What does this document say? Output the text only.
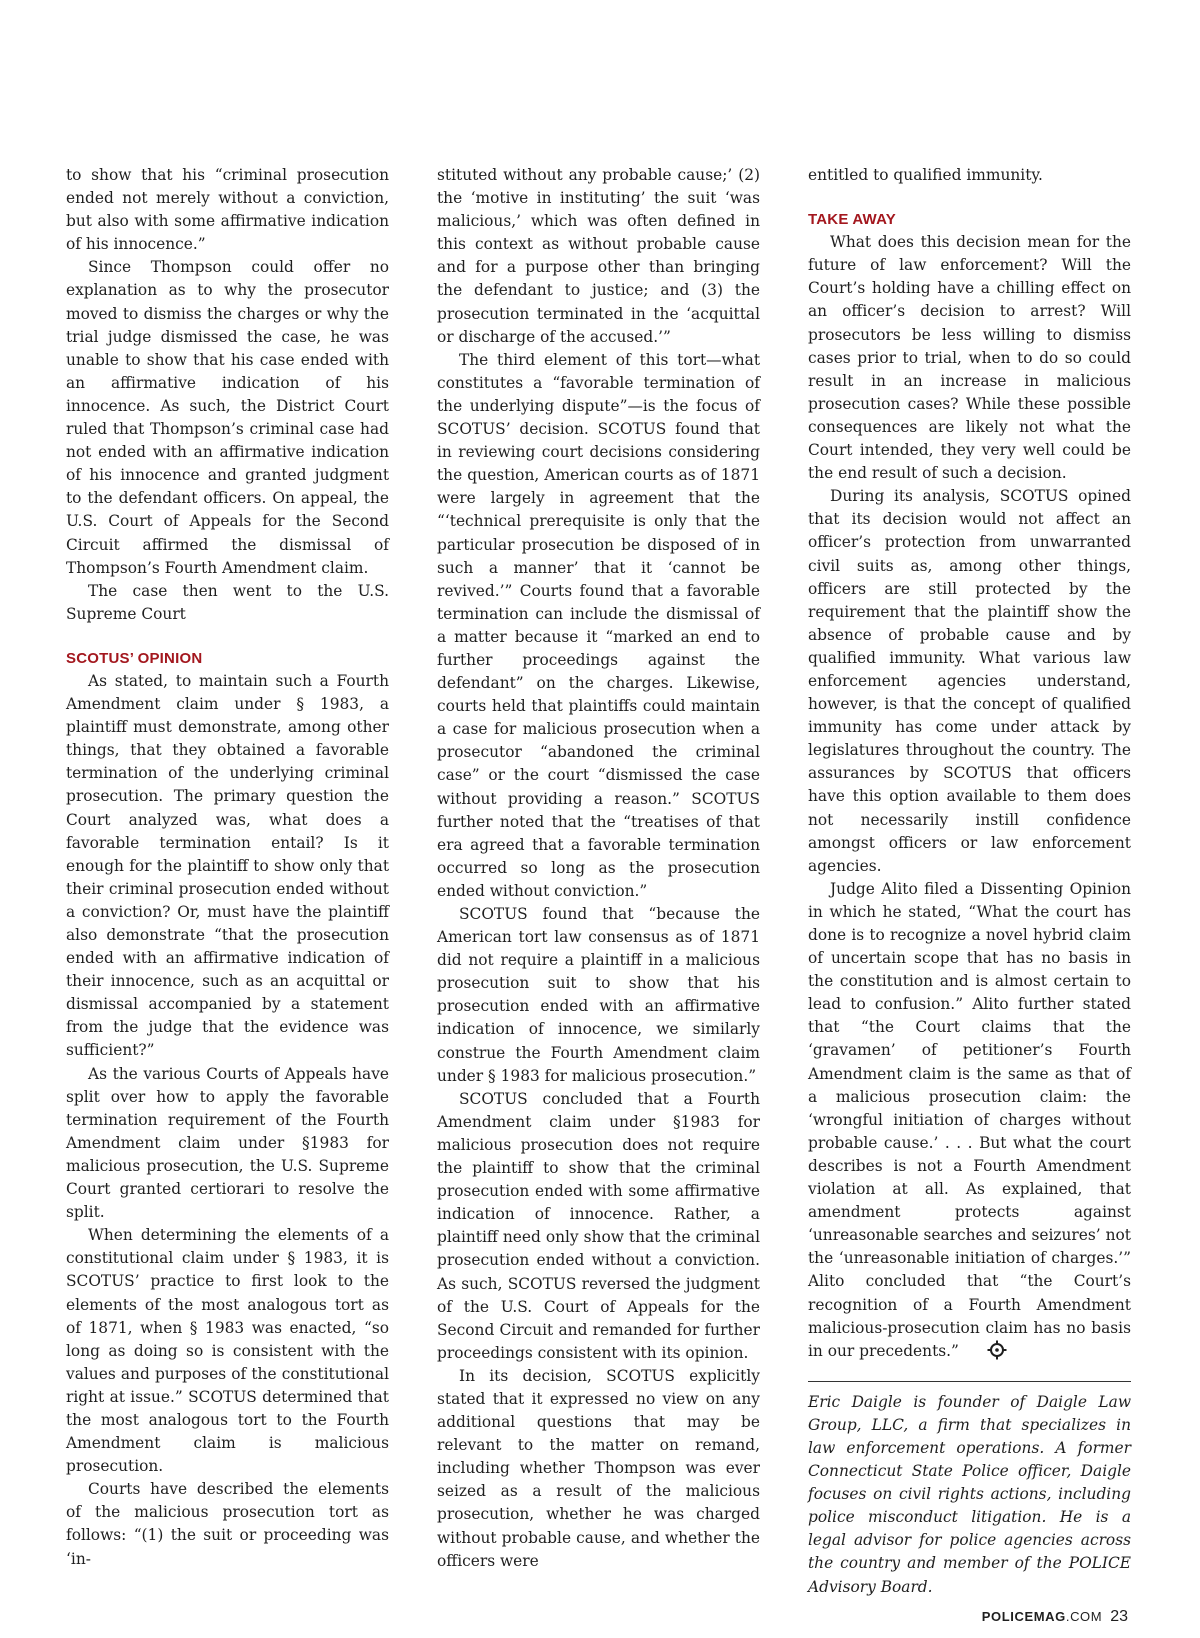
to show that his “criminal prosecution ended not merely without a conviction, but also with some affirmative indication of his innocence.”

Since Thompson could offer no explanation as to why the prosecutor moved to dismiss the charges or why the trial judge dismissed the case, he was unable to show that his case ended with an affirmative indication of his innocence. As such, the District Court ruled that Thompson’s criminal case had not ended with an affirmative indication of his innocence and granted judgment to the defendant officers. On appeal, the U.S. Court of Appeals for the Second Circuit affirmed the dismissal of Thompson’s Fourth Amendment claim.

The case then went to the U.S. Supreme Court

SCOTUS’ OPINION

As stated, to maintain such a Fourth Amendment claim under § 1983, a plaintiff must demonstrate, among other things, that they obtained a favorable termination of the underlying criminal prosecution. The primary question the Court analyzed was, what does a favorable termination entail? Is it enough for the plaintiff to show only that their criminal prosecution ended without a conviction? Or, must have the plaintiff also demonstrate “that the prosecution ended with an affirmative indication of their innocence, such as an acquittal or dismissal accompanied by a statement from the judge that the evidence was sufficient?”

As the various Courts of Appeals have split over how to apply the favorable termination requirement of the Fourth Amendment claim under §1983 for malicious prosecution, the U.S. Supreme Court granted certiorari to resolve the split.

When determining the elements of a constitutional claim under § 1983, it is SCOTUS’ practice to first look to the elements of the most analogous tort as of 1871, when § 1983 was enacted, “so long as doing so is consistent with the values and purposes of the constitutional right at issue.” SCOTUS determined that the most analogous tort to the Fourth Amendment claim is malicious prosecution.

Courts have described the elements of the malicious prosecution tort as follows: “(1) the suit or proceeding was ‘in-

stituted without any probable cause;’ (2) the ‘motive in instituting’ the suit ‘was malicious,’ which was often defined in this context as without probable cause and for a purpose other than bringing the defendant to justice; and (3) the prosecution terminated in the ‘acquittal or discharge of the accused.’”

The third element of this tort—what constitutes a “favorable termination of the underlying dispute”—is the focus of SCOTUS’ decision. SCOTUS found that in reviewing court decisions considering the question, American courts as of 1871 were largely in agreement that the “‘technical prerequisite is only that the particular prosecution be disposed of in such a manner’ that it ‘cannot be revived.’” Courts found that a favorable termination can include the dismissal of a matter because it “marked an end to further proceedings against the defendant” on the charges. Likewise, courts held that plaintiffs could maintain a case for malicious prosecution when a prosecutor “abandoned the criminal case” or the court “dismissed the case without providing a reason.” SCOTUS further noted that the “treatises of that era agreed that a favorable termination occurred so long as the prosecution ended without conviction.”

SCOTUS found that “because the American tort law consensus as of 1871 did not require a plaintiff in a malicious prosecution suit to show that his prosecution ended with an affirmative indication of innocence, we similarly construe the Fourth Amendment claim under § 1983 for malicious prosecution.”

SCOTUS concluded that a Fourth Amendment claim under §1983 for malicious prosecution does not require the plaintiff to show that the criminal prosecution ended with some affirmative indication of innocence. Rather, a plaintiff need only show that the criminal prosecution ended without a conviction. As such, SCOTUS reversed the judgment of the U.S. Court of Appeals for the Second Circuit and remanded for further proceedings consistent with its opinion.

In its decision, SCOTUS explicitly stated that it expressed no view on any additional questions that may be relevant to the matter on remand, including whether Thompson was ever seized as a result of the malicious prosecution, whether he was charged without probable cause, and whether the officers were

entitled to qualified immunity.

TAKE AWAY

What does this decision mean for the future of law enforcement? Will the Court’s holding have a chilling effect on an officer’s decision to arrest? Will prosecutors be less willing to dismiss cases prior to trial, when to do so could result in an increase in malicious prosecution cases? While these possible consequences are likely not what the Court intended, they very well could be the end result of such a decision.

During its analysis, SCOTUS opined that its decision would not affect an officer’s protection from unwarranted civil suits as, among other things, officers are still protected by the requirement that the plaintiff show the absence of probable cause and by qualified immunity. What various law enforcement agencies understand, however, is that the concept of qualified immunity has come under attack by legislatures throughout the country. The assurances by SCOTUS that officers have this option available to them does not necessarily instill confidence amongst officers or law enforcement agencies.

Judge Alito filed a Dissenting Opinion in which he stated, “What the court has done is to recognize a novel hybrid claim of uncertain scope that has no basis in the constitution and is almost certain to lead to confusion.” Alito further stated that “the Court claims that the ‘gravamen’ of petitioner’s Fourth Amendment claim is the same as that of a malicious prosecution claim: the ‘wrongful initiation of charges without probable cause.’ . . . But what the court describes is not a Fourth Amendment violation at all. As explained, that amendment protects against ‘unreasonable searches and seizures’ not the ‘unreasonable initiation of charges.’” Alito concluded that “the Court’s recognition of a Fourth Amendment malicious-prosecution claim has no basis in our precedents.”

Eric Daigle is founder of Daigle Law Group, LLC, a firm that specializes in law enforcement operations. A former Connecticut State Police officer, Daigle focuses on civil rights actions, including police misconduct litigation. He is a legal advisor for police agencies across the country and member of the POLICE Advisory Board.

POLICEMAG.COM 23
